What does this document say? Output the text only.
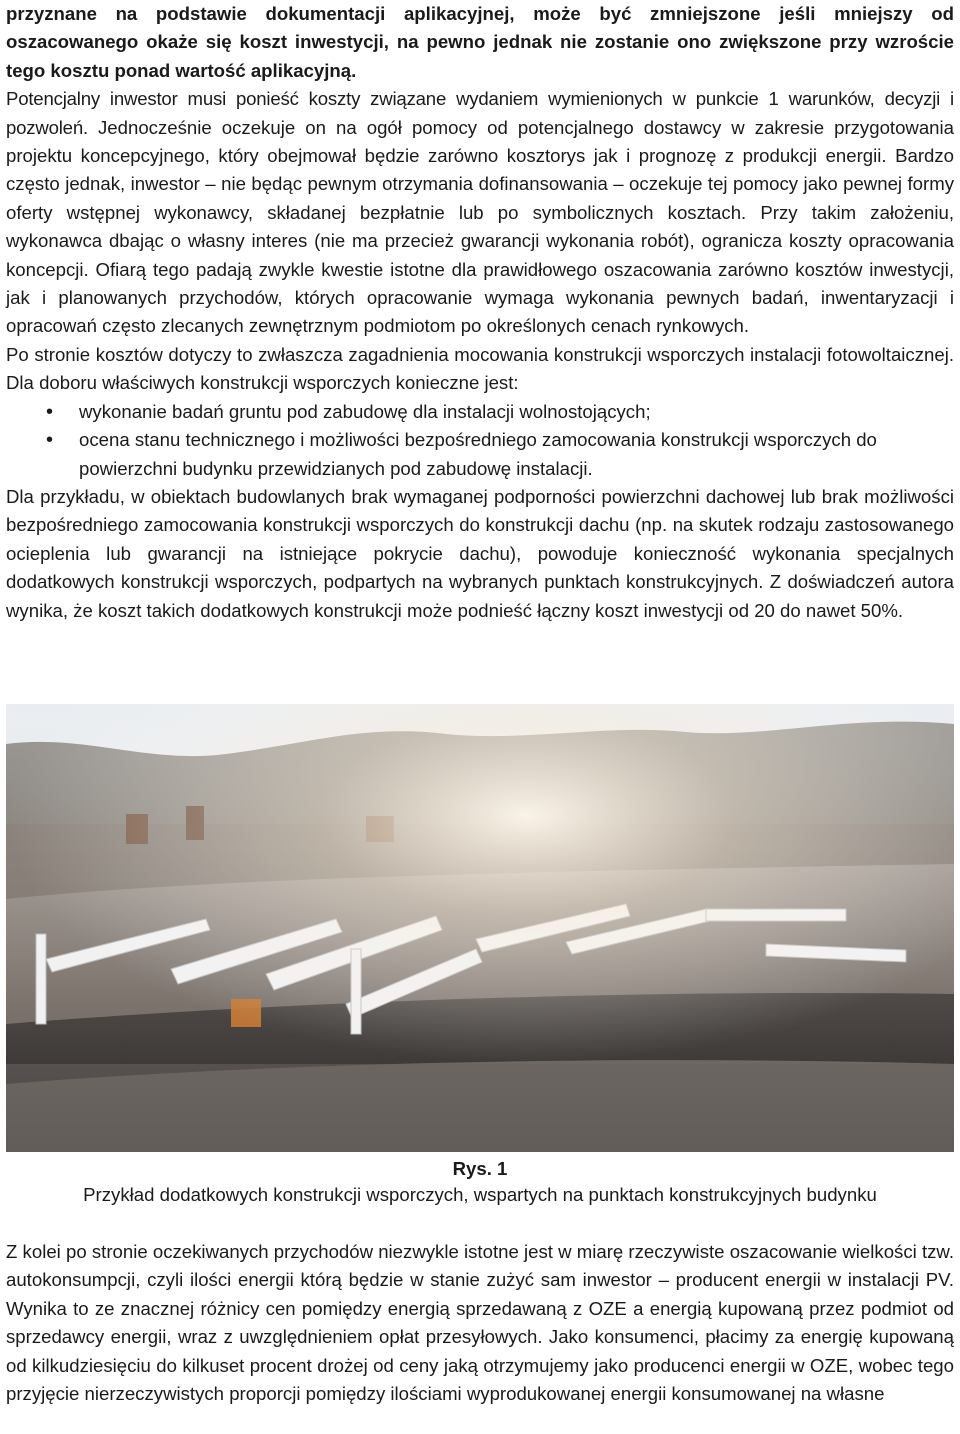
przyznane na podstawie dokumentacji aplikacyjnej, może być zmniejszone jeśli mniejszy od oszacowanego okaże się koszt inwestycji, na pewno jednak nie zostanie ono zwiększone przy wzroście tego kosztu ponad wartość aplikacyjną.

Potencjalny inwestor musi ponieść koszty związane wydaniem wymienionych w punkcie 1 warunków, decyzji i pozwoleń. Jednocześnie oczekuje on na ogół pomocy od potencjalnego dostawcy w zakresie przygotowania projektu koncepcyjnego, który obejmował będzie zarówno kosztorys jak i prognozę z produkcji energii. Bardzo często jednak, inwestor – nie będąc pewnym otrzymania dofinansowania – oczekuje tej pomocy jako pewnej formy oferty wstępnej wykonawcy, składanej bezpłatnie lub po symbolicznych kosztach. Przy takim założeniu, wykonawca dbając o własny interes (nie ma przecież gwarancji wykonania robót), ogranicza koszty opracowania koncepcji. Ofiarą tego padają zwykle kwestie istotne dla prawidłowego oszacowania zarówno kosztów inwestycji, jak i planowanych przychodów, których opracowanie wymaga wykonania pewnych badań, inwentaryzacji i opracowań często zlecanych zewnętrznym podmiotom po określonych cenach rynkowych.

Po stronie kosztów dotyczy to zwłaszcza zagadnienia mocowania konstrukcji wsporczych instalacji fotowoltaicznej. Dla doboru właściwych konstrukcji wsporczych konieczne jest:

• wykonanie badań gruntu pod zabudowę dla instalacji wolnostojących;
• ocena stanu technicznego i możliwości bezpośredniego zamocowania konstrukcji wsporczych do powierzchni budynku przewidzianych pod zabudowę instalacji.

Dla przykładu, w obiektach budowlanych brak wymaganej podporności powierzchni dachowej lub brak możliwości bezpośredniego zamocowania konstrukcji wsporczych do konstrukcji dachu (np. na skutek rodzaju zastosowanego ocieplenia lub gwarancji na istniejące pokrycie dachu), powoduje konieczność wykonania specjalnych dodatkowych konstrukcji wsporczych, podpartych na wybranych punktach konstrukcyjnych. Z doświadczeń autora wynika, że koszt takich dodatkowych konstrukcji może podnieść łączny koszt inwestycji od 20 do nawet 50%.

Rys. 1
Przykład dodatkowych konstrukcji wsporczych, wspartych na punktach konstrukcyjnych budynku

Z kolei po stronie oczekiwanych przychodów niezwykle istotne jest w miarę rzeczywiste oszacowanie wielkości tzw. autokonsumpcji, czyli ilości energii którą będzie w stanie zużyć sam inwestor – producent energii w instalacji PV. Wynika to ze znacznej różnicy cen pomiędzy energią sprzedawaną z OZE a energią kupowaną przez podmiot od sprzedawcy energii, wraz z uwzględnieniem opłat przesyłowych. Jako konsumenci, płacimy za energię kupowaną od kilkudziesięciu do kilkuset procent drożej od ceny jaką otrzymujemy jako producenci energii w OZE, wobec tego przyjęcie nierzeczywistych proporcji pomiędzy ilościami wyprodukowanej energii konsumowanej na własne
